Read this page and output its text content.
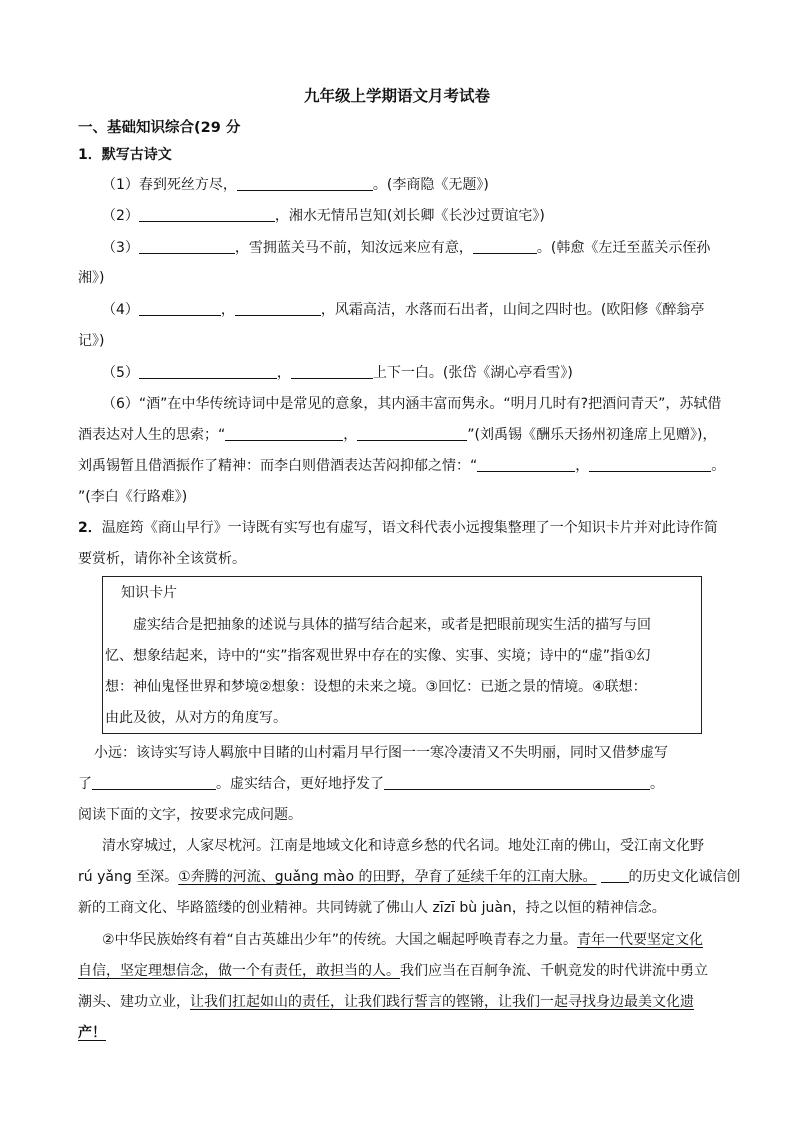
九年级上学期语文月考试卷
一、基础知识综合(29 分
1．默写古诗文
（1）春到死丝方尽，	。(李商隐《无题》)
（2）	，湘水无情吊岂知(刘长卿《长沙过贾谊宅》)
（3）	，雪拥蓝关马不前，知汝远来应有意，	。(韩愈《左迁至蓝关示侄孙
湘》)
（4）	，	，风霜高洁，水落而石出者，山间之四时也。(欧阳修《醉翁亭
记》)
（5）	，	上下一白。(张岱《湖心亭看雪》)
（6）“酒”在中华传统诗词中是常见的意象，其内涵丰富而隽永。“明月几时有?把酒问青天”，苏轼借
酒表达对人生的思索；“	，	”(刘禹锡《酬乐天扬州初逢席上见赠》)，
刘禹锡暂且借酒振作了精神：而李白则借酒表达苦闷抑郁之情：“	，	。
”(李白《行路难》)
2．温庭筠《商山早行》一诗既有实写也有虚写，语文科代表小远搜集整理了一个知识卡片并对此诗作简
要赏析，请你补全该赏析。
知识卡片
虚实结合是把抽象的述说与具体的描写结合起来，或者是把眼前现实生活的描写与回
忆、想象结起来，诗中的“实”指客观世界中存在的实像、实事、实境；诗中的“虚”指①幻
想：神仙鬼怪世界和梦境②想象：设想的未来之境。③回忆：已逝之景的情境。④联想：
由此及彼，从对方的角度写。
小远：该诗实写诗人羁旅中目睹的山村霜月早行图一一寒冷凄清又不失明丽，同时又借梦虚写
了	。虚实结合，更好地抒发了	。
阅读下面的文字，按要求完成问题。
清水穿城过，人家尽枕河。江南是地域文化和诗意乡愁的代名词。地处江南的佛山，受江南文化野
rú yǎng 至深。①奔腾的河流、guǎng mào 的田野，孕育了延续千年的江南大脉。 的历史文化诚信创
新的工商文化、毕路篮缕的创业精神。共同铸就了佛山人 zīzī bù juàn，持之以恒的精神信念。
②中华民族始终有着“自古英雄出少年”的传统。大国之崛起呼唤青春之力量。青年一代要坚定文化
自信，坚定理想信念，做一个有责任，敢担当的人。我们应当在百舸争流、千帆竞发的时代讲流中勇立
潮头、建功立业，让我们扛起如山的责任，让我们践行誓言的铿锵，让我们一起寻找身边最美文化遗
产！
